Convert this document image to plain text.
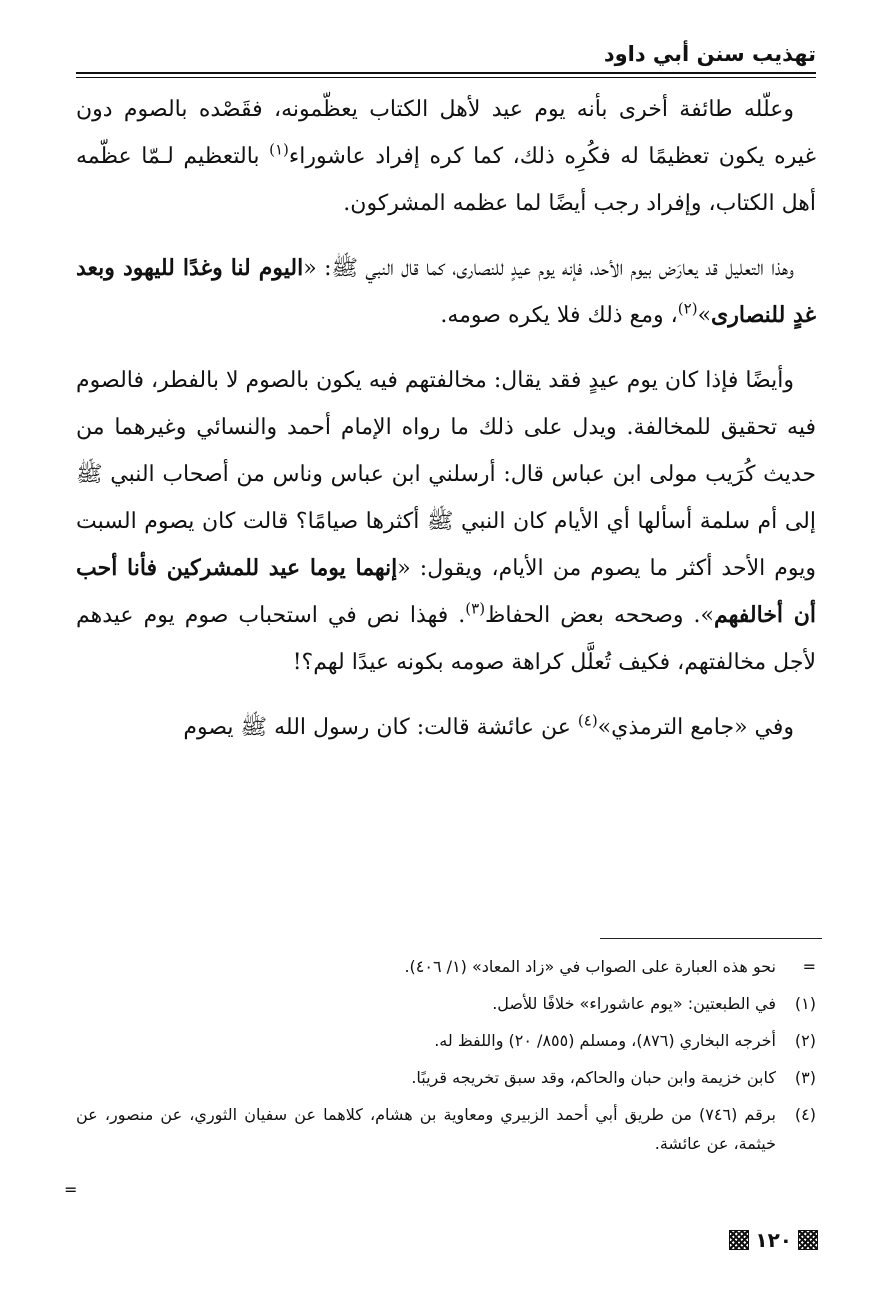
تهذيب سنن أبي داود

وعلّله طائفة أخرى بأنه يوم عيد لأهل الكتاب يعظّمونه، فقَصْده بالصوم دون غيره يكون تعظيمًا له فكُرِه ذلك، كما كره إفراد عاشوراء$^{(١)}$ بالتعظيم لـمّا عظّمه أهل الكتاب، وإفراد رجب أيضًا لما عظمه المشركون.

وهذا التعليل قد يعارَض بيوم الأحد، فإنه يوم عيدٍ للنصارى، كما قال النبي ﷺ: «اليوم لنا وغدًا لليهود وبعد غدٍ للنصارى»$^{(٢)}$، ومع ذلك فلا يكره صومه.

وأيضًا فإذا كان يوم عيدٍ فقد يقال: مخالفتهم فيه يكون بالصوم لا بالفطر، فالصوم فيه تحقيق للمخالفة. ويدل على ذلك ما رواه الإمام أحمد والنسائي وغيرهما من حديث كُرَيب مولى ابن عباس قال: أرسلني ابن عباس وناس من أصحاب النبي ﷺ إلى أم سلمة أسألها أي الأيام كان النبي ﷺ أكثرها صيامًا؟ قالت كان يصوم السبت ويوم الأحد أكثر ما يصوم من الأيام، ويقول: «إنهما يوما عيد للمشركين فأنا أحب أن أخالفهم». وصححه بعض الحفاظ$^{(٣)}$. فهذا نص في استحباب صوم يوم عيدهم لأجل مخالفتهم، فكيف تُعلَّل كراهة صومه بكونه عيدًا لهم؟!

وفي «جامع الترمذي»$^{(٤)}$ عن عائشة قالت: كان رسول الله ﷺ يصوم

=
نحو هذه العبارة على الصواب في «زاد المعاد» (١/ ٤٠٦).
(١)
في الطبعتين: «يوم عاشوراء» خلافًا للأصل.
(٢)
أخرجه البخاري (٨٧٦)، ومسلم (٨٥٥/ ٢٠) واللفظ له.
(٣)
كابن خزيمة وابن حبان والحاكم، وقد سبق تخريجه قريبًا.
(٤)
برقم (٧٤٦) من طريق أبي أحمد الزبيري ومعاوية بن هشام، كلاهما عن سفيان الثوري، عن منصور، عن خيثمة، عن عائشة.
=
١٢٠
